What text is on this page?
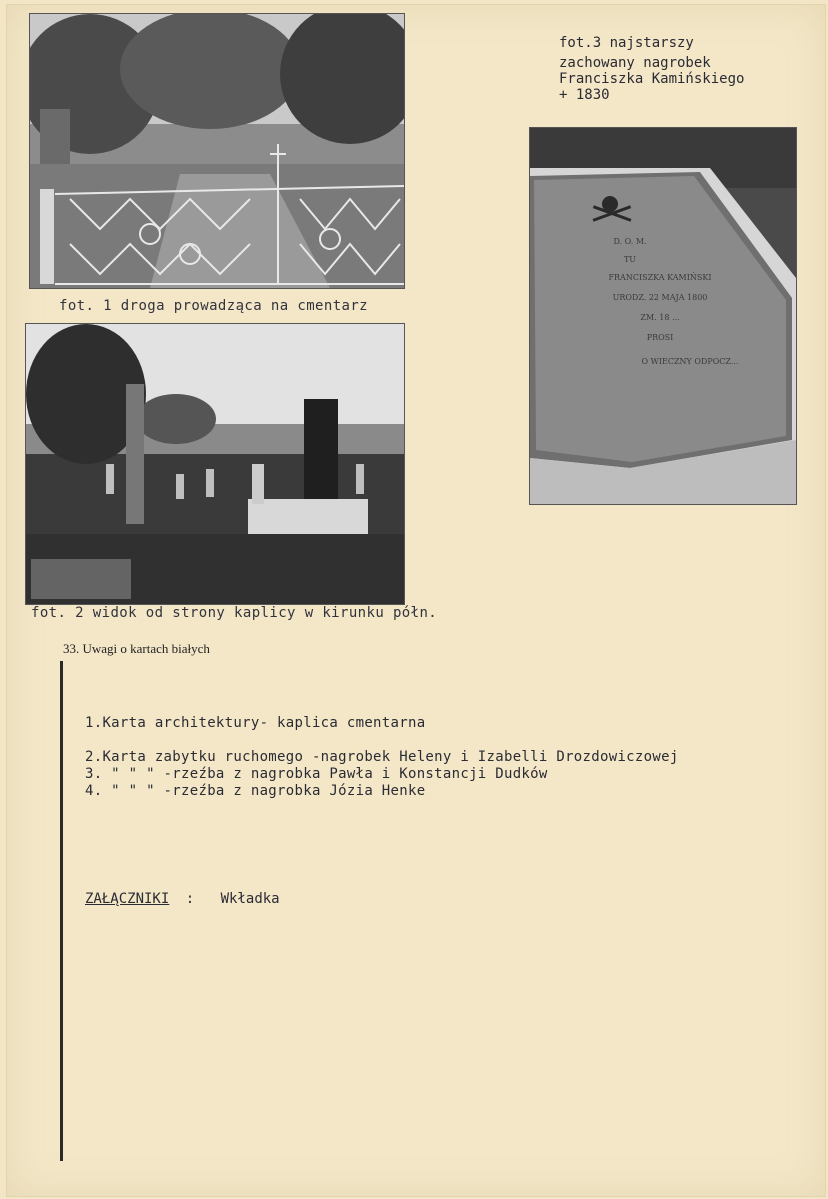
fot. 1 droga prowadząca na cmentarz
fot. 2 widok od strony kaplicy w kirunku półn.
fot.3 najstarszy
zachowany nagrobek
Franciszka Kamińskiego
+ 1830
D. O. M.
TU
FRANCISZKA KAMIŃSKI
URODZ. 22 MAJA 1800
ZM. 18 ...
PROSI
O WIECZNY ODPOCZ...
33. Uwagi o kartach białych
1.Karta architektury- kaplica cmentarna
2.Karta zabytku ruchomego -nagrobek Heleny i Izabelli Drozdowiczowej
3. " " " -rzeźba z nagrobka Pawła i Konstancji Dudków
4. " " " -rzeźba z nagrobka Józia Henke
ZAŁĄCZNIKI : Wkładka
